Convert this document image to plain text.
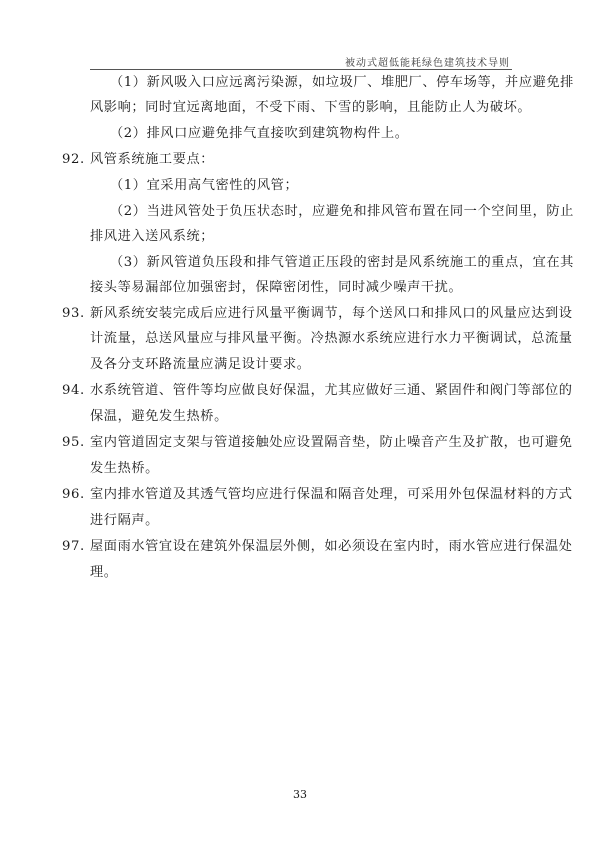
被动式超低能耗绿色建筑技术导则
（1）新风吸入口应远离污染源，如垃圾厂、堆肥厂、停车场等，并应避免排
风影响；同时宜远离地面，不受下雨、下雪的影响，且能防止人为破坏。
（2）排风口应避免排气直接吹到建筑物构件上。
92. 风管系统施工要点：
（1）宜采用高气密性的风管；
（2）当进风管处于负压状态时，应避免和排风管布置在同一个空间里，防止
排风进入送风系统；
（3）新风管道负压段和排气管道正压段的密封是风系统施工的重点，宜在其
接头等易漏部位加强密封，保障密闭性，同时减少噪声干扰。
93. 新风系统安装完成后应进行风量平衡调节，每个送风口和排风口的风量应达到设
计流量，总送风量应与排风量平衡。冷热源水系统应进行水力平衡调试，总流量
及各分支环路流量应满足设计要求。
94. 水系统管道、管件等均应做良好保温，尤其应做好三通、紧固件和阀门等部位的
保温，避免发生热桥。
95. 室内管道固定支架与管道接触处应设置隔音垫，防止噪音产生及扩散，也可避免
发生热桥。
96. 室内排水管道及其透气管均应进行保温和隔音处理，可采用外包保温材料的方式
进行隔声。
97. 屋面雨水管宜设在建筑外保温层外侧，如必须设在室内时，雨水管应进行保温处
理。
33
